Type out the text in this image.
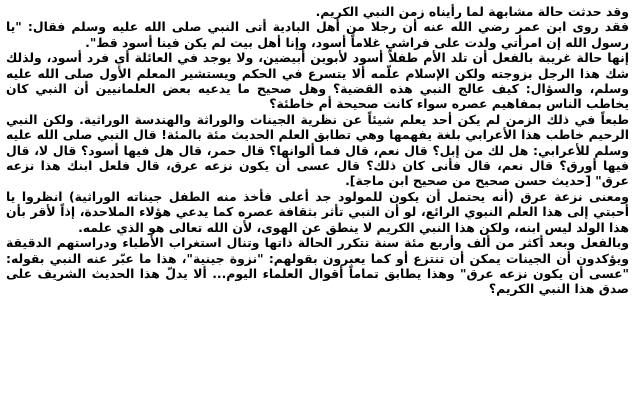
وقد حدثت حالة مشابهة لما رأيناه زمن النبي الكريم.

فقد روى ابن عمر رضي الله عنه أن رجلا من أهل البادية أتى النبي صلى الله عليه وسلم فقال: "يا رسول الله إن امرأتي ولدت على فراشي غلاماً أسود، وإنا أهل بيت لم يكن فينا أسود قط".

إنها حالة غريبة بالفعل أن تلد الأم طفلاً أسود لأبوين أبيضين، ولا يوجد في العائلة أي فرد أسود، ولذلك شك هذا الرجل بزوجته ولكن الإسلام علّمه ألا يتسرع في الحكم ويستشير المعلم الأول صلى الله عليه وسلم، والسؤال: كيف عالج النبي هذه القضية؟ وهل صحيح ما يدعيه بعض العلمانيين أن النبي كان يخاطب الناس بمفاهيم عصره سواء كانت صحيحة أم خاطئة؟

طبعاً في ذلك الزمن لم يكن أحد يعلم شيئاً عن نظرية الجينات والوراثة والهندسة الوراثية. ولكن النبي الرحيم خاطب هذا الأعرابي بلغة يفهمها وهي تطابق العلم الحديث مئة بالمئة! قال النبي صلى الله عليه وسلم للأعرابي: هل لك من إبل؟ قال نعم، قال فما ألوانها؟ قال حمر، قال هل فيها أسود؟ قال لا، قال فيها أورق؟ قال نعم، قال فأنى كان ذلك؟ قال عسى أن يكون نزعه عرق، قال فلعل ابنك هذا نزعه عرق" [حديث حسن صحيح من صحيح ابن ماجة].

ومعنى نزعة عرق (أنه يحتمل أن يكون للمولود جد أعلى فأخذ منه الطفل جيناته الوراثية) انظروا يا أحبتي إلى هذا العلم النبوي الرائع، لو أن النبي تأثر بثقافة عصره كما يدعي هؤلاء الملاحدة، إذاً لأقر بأن هذا الولد ليس ابنه، ولكن هذا النبي الكريم لا ينطق عن الهوى، لأن الله تعالى هو الذي علمه.

وبالفعل وبعد أكثر من ألف وأربع مئة سنة تتكرر الحالة ذاتها وتنال استغراب الأطباء ودراستهم الدقيقة ويؤكدون أن الجينات يمكن أن تنتزع أو كما يعبرون بقولهم: "نزوة جينية"، هذا ما عبّر عنه النبي بقوله: "عسى أن يكون نزعه عرق" وهذا يطابق تماماً أقوال العلماء اليوم... ألا يدلّ هذا الحديث الشريف على صدق هذا النبي الكريم؟
